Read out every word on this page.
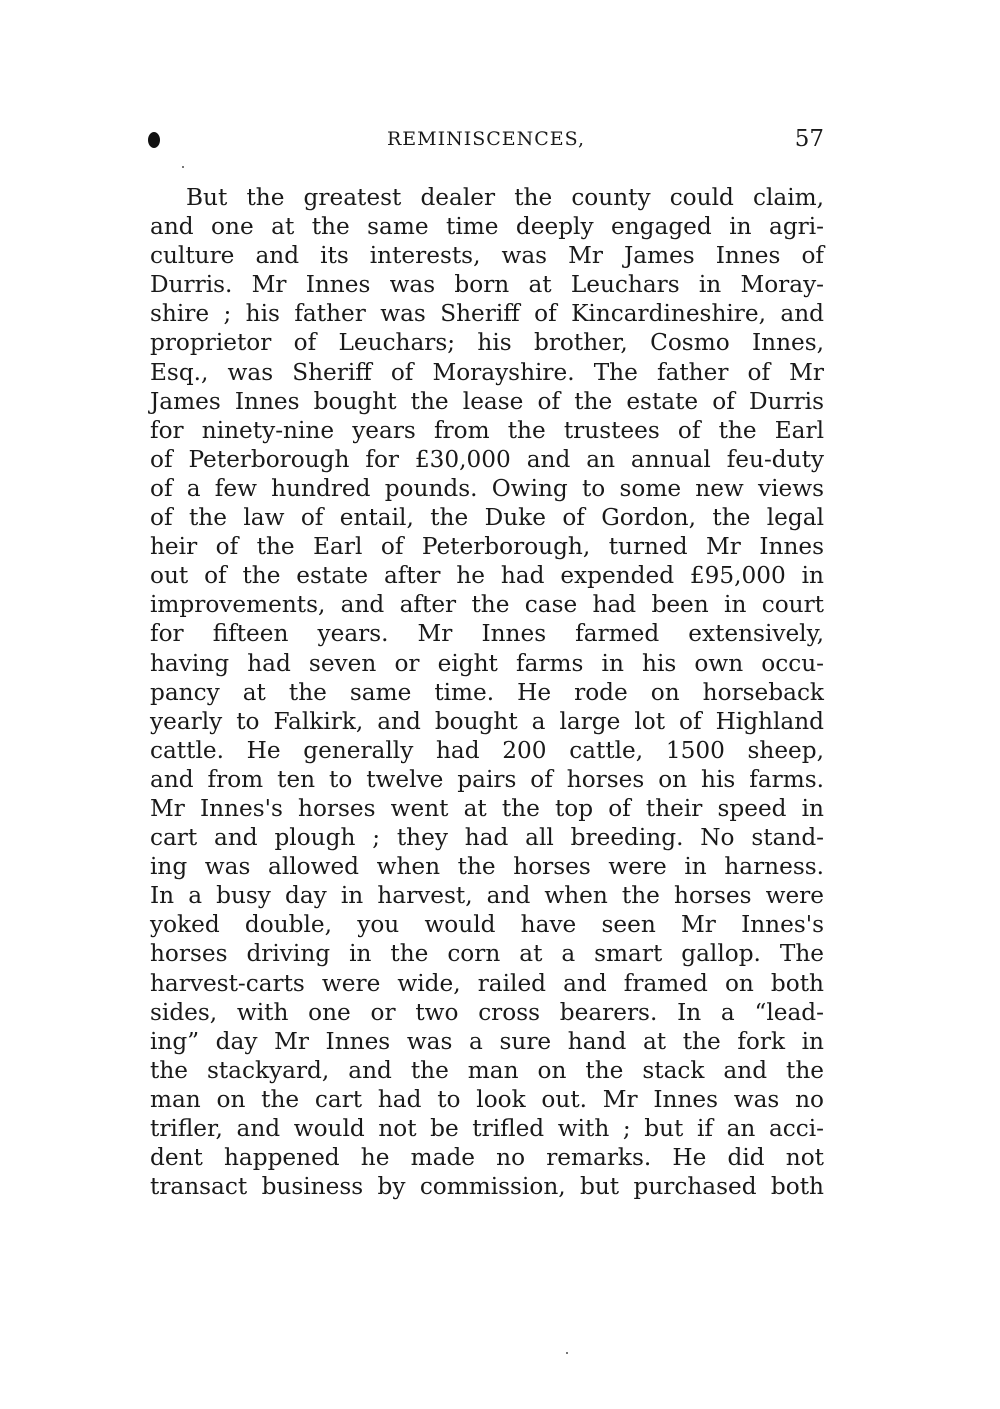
REMINISCENCES,	57
But the greatest dealer the county could claim,
and one at the same time deeply engaged in agri-
culture and its interests, was Mr James Innes of
Durris. Mr Innes was born at Leuchars in Moray-
shire ; his father was Sheriff of Kincardineshire, and
proprietor of Leuchars; his brother, Cosmo Innes,
Esq., was Sheriff of Morayshire. The father of Mr
James Innes bought the lease of the estate of Durris
for ninety-nine years from the trustees of the Earl
of Peterborough for £30,000 and an annual feu-duty
of a few hundred pounds. Owing to some new views
of the law of entail, the Duke of Gordon, the legal
heir of the Earl of Peterborough, turned Mr Innes
out of the estate after he had expended £95,000 in
improvements, and after the case had been in court
for fifteen years. Mr Innes farmed extensively,
having had seven or eight farms in his own occu-
pancy at the same time. He rode on horseback
yearly to Falkirk, and bought a large lot of Highland
cattle. He generally had 200 cattle, 1500 sheep,
and from ten to twelve pairs of horses on his farms.
Mr Innes's horses went at the top of their speed in
cart and plough ; they had all breeding. No stand-
ing was allowed when the horses were in harness.
In a busy day in harvest, and when the horses were
yoked double, you would have seen Mr Innes's
horses driving in the corn at a smart gallop. The
harvest-carts were wide, railed and framed on both
sides, with one or two cross bearers. In a “lead-
ing” day Mr Innes was a sure hand at the fork in
the stackyard, and the man on the stack and the
man on the cart had to look out. Mr Innes was no
trifler, and would not be trifled with ; but if an acci-
dent happened he made no remarks. He did not
transact business by commission, but purchased both
